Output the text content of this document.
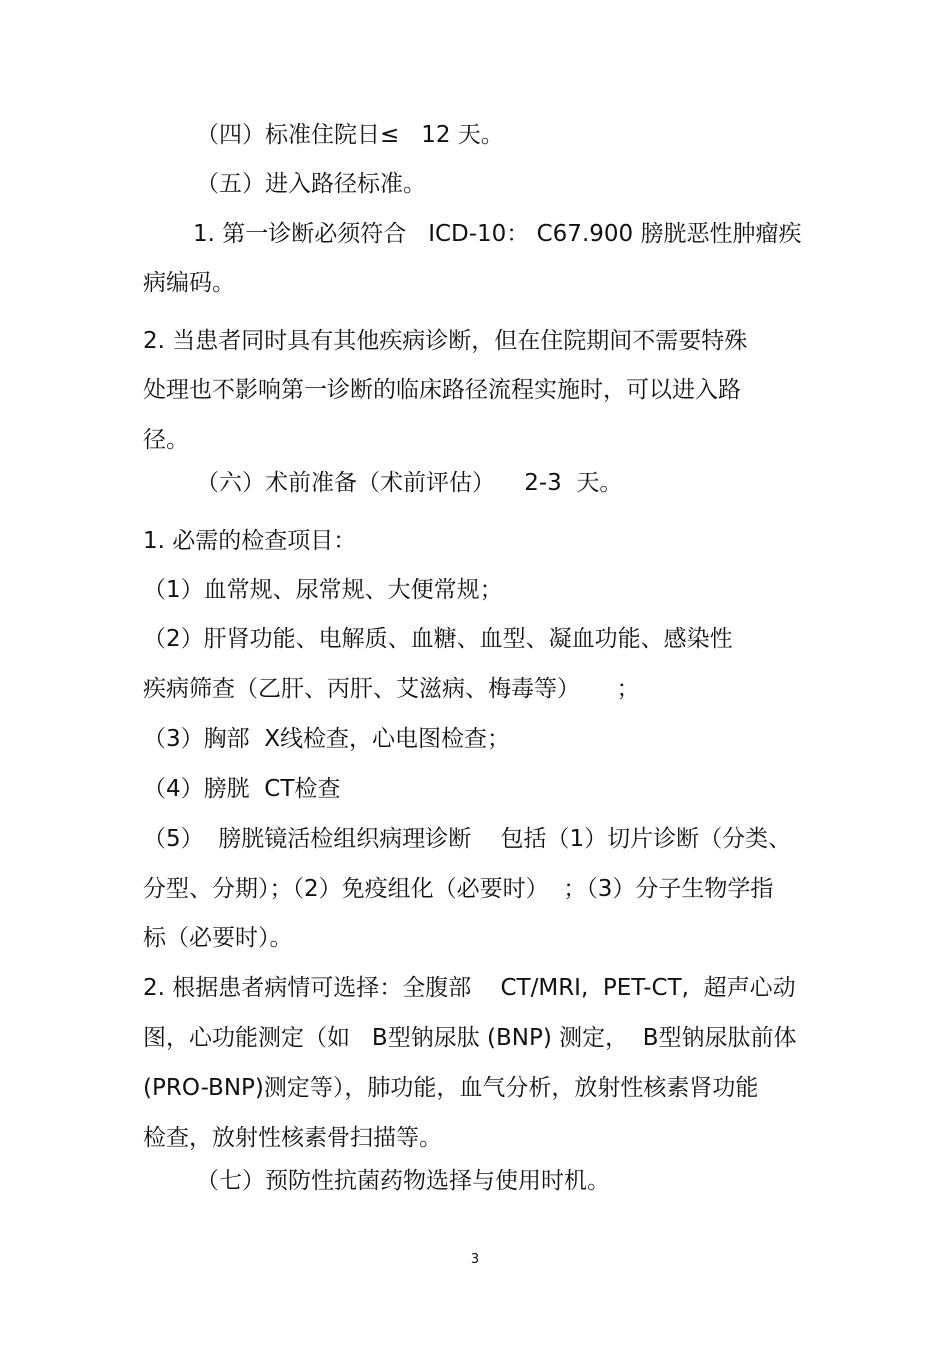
（四）标准住院日≤   12 天。
（五）进入路径标准。
1. 第一诊断必须符合   ICD-10： C67.900 膀胱恶性肿瘤疾
病编码。
2. 当患者同时具有其他疾病诊断，但在住院期间不需要特殊
处理也不影响第一诊断的临床路径流程实施时，可以进入路
径。
（六）术前准备（术前评估）    2-3  天。
1. 必需的检查项目：
（1）血常规、尿常规、大便常规；
（2）肝肾功能、电解质、血糖、血型、凝血功能、感染性
疾病筛查（乙肝、丙肝、艾滋病、梅毒等）     ；
（3）胸部  X线检查，心电图检查；
（4）膀胱  CT检查
（5）  膀胱镜活检组织病理诊断    包括（1）切片诊断（分类、
分型、分期）；（2）免疫组化（必要时）  ；（3）分子生物学指
标（必要时）。
2. 根据患者病情可选择：全腹部    CT/MRI,  PET-CT,  超声心动
图，心功能测定（如   B型钠尿肽 (BNP) 测定，  B型钠尿肽前体
(PRO-BNP)测定等），肺功能，血气分析，放射性核素肾功能
检查，放射性核素骨扫描等。
（七）预防性抗菌药物选择与使用时机。
3
